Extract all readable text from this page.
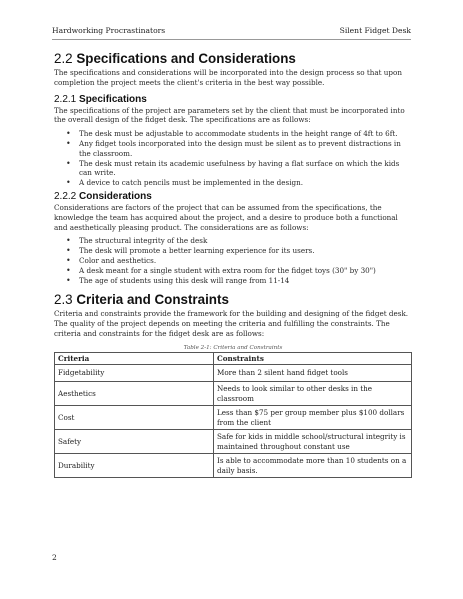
Hardworking Procrastinators	Silent Fidget Desk
2.2 Specifications and Considerations

The specifications and considerations will be incorporated into the design process so that upon completion the project meets the client's criteria in the best way possible.

2.2.1 Specifications

The specifications of the project are parameters set by the client that must be incorporated into the overall design of the fidget desk. The specifications are as follows:

• The desk must be adjustable to accommodate students in the height range of 4ft to 6ft.
• Any fidget tools incorporated into the design must be silent as to prevent distractions in the classroom.
• The desk must retain its academic usefulness by having a flat surface on which the kids can write.
• A device to catch pencils must be implemented in the design.
2.2.2 Considerations

Considerations are factors of the project that can be assumed from the specifications, the knowledge the team has acquired about the project, and a desire to produce both a functional and aesthetically pleasing product. The considerations are as follows:

• The structural integrity of the desk
• The desk will promote a better learning experience for its users.
• Color and aesthetics.
• A desk meant for a single student with extra room for the fidget toys (30" by 30")
• The age of students using this desk will range from 11-14
2.3 Criteria and Constraints

Criteria and constraints provide the framework for the building and designing of the fidget desk. The quality of the project depends on meeting the criteria and fulfilling the constraints. The criteria and constraints for the fidget desk are as follows:

Table 2-1: Criteria and Constraints
Criteria	Constraints
Fidgetability	More than 2 silent hand fidget tools
Aesthetics	Needs to look similar to other desks in the classroom
Cost	Less than $75 per group member plus $100 dollars from the client
Safety	Safe for kids in middle school/structural integrity is maintained throughout constant use
Durability	Is able to accommodate more than 10 students on a daily basis.
2
